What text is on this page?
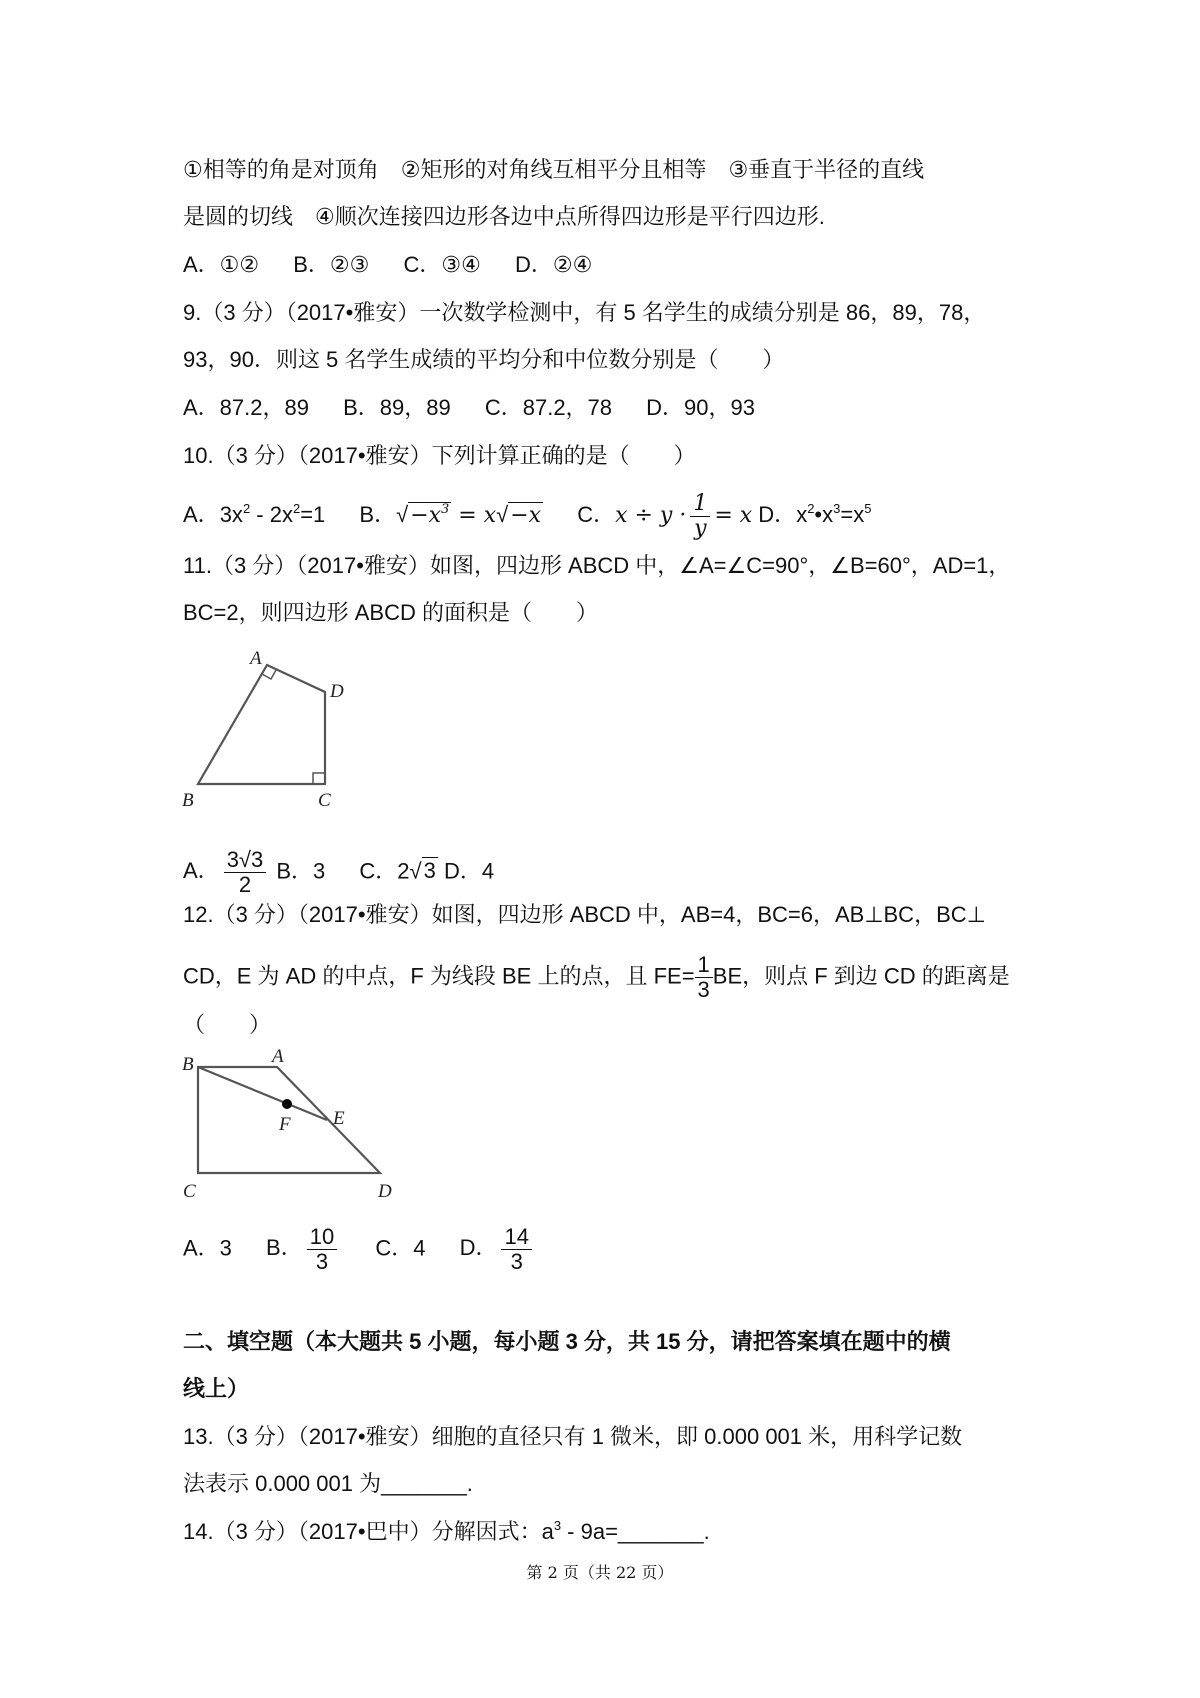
①相等的角是对顶角　②矩形的对角线互相平分且相等　③垂直于半径的直线
是圆的切线　④顺次连接四边形各边中点所得四边形是平行四边形.
A．①② B．②③ C．③④ D．②④
9.（3 分）（2017•雅安）一次数学检测中，有 5 名学生的成绩分别是 86，89，78，
93，90．则这 5 名学生成绩的平均分和中位数分别是（　　）
A．87.2，89 B．89，89 C．87.2，78 D．90，93
10.（3 分）（2017•雅安）下列计算正确的是（　　）
A．$3x^2 - 2x^2=1$ B．$√-x^3 = x√-x$ C．$x \div y \cdot \frac{1}{y} = x$ D．$x^2•x^3=x^5$
11.（3 分）（2017•雅安）如图，四边形 ABCD 中，∠A=∠C=90°，∠B=60°，AD=1，
BC=2，则四边形 ABCD 的面积是（　　）
A
B	C
D
A
B
C	D
E
F
A． $\frac{3√3}{2}$ B．3 C．2√3 D．4
12.（3 分）（2017•雅安）如图，四边形 ABCD 中，AB=4，BC=6，AB⊥BC，BC⊥
CD，E 为 AD 的中点，F 为线段 BE 上的点，且 $FE= \frac{1}{3}$ BE，则点 F 到边 CD 的距离是
（　　）
A．3 B． $\frac{10}{3}$ C．4 D． $\frac{14}{3}$
二、填空题（本大题共 5 小题，每小题 3 分，共 15 分，请把答案填在题中的横
线上）
13.（3 分）（2017•雅安）细胞的直径只有 1 微米，即 0.000 001 米，用科学记数
法表示 0.000 001 为_______.
14.（3 分）（2017•巴中）分解因式：$a^3$ - 9a=_______.
第 2 页（共 22 页）
